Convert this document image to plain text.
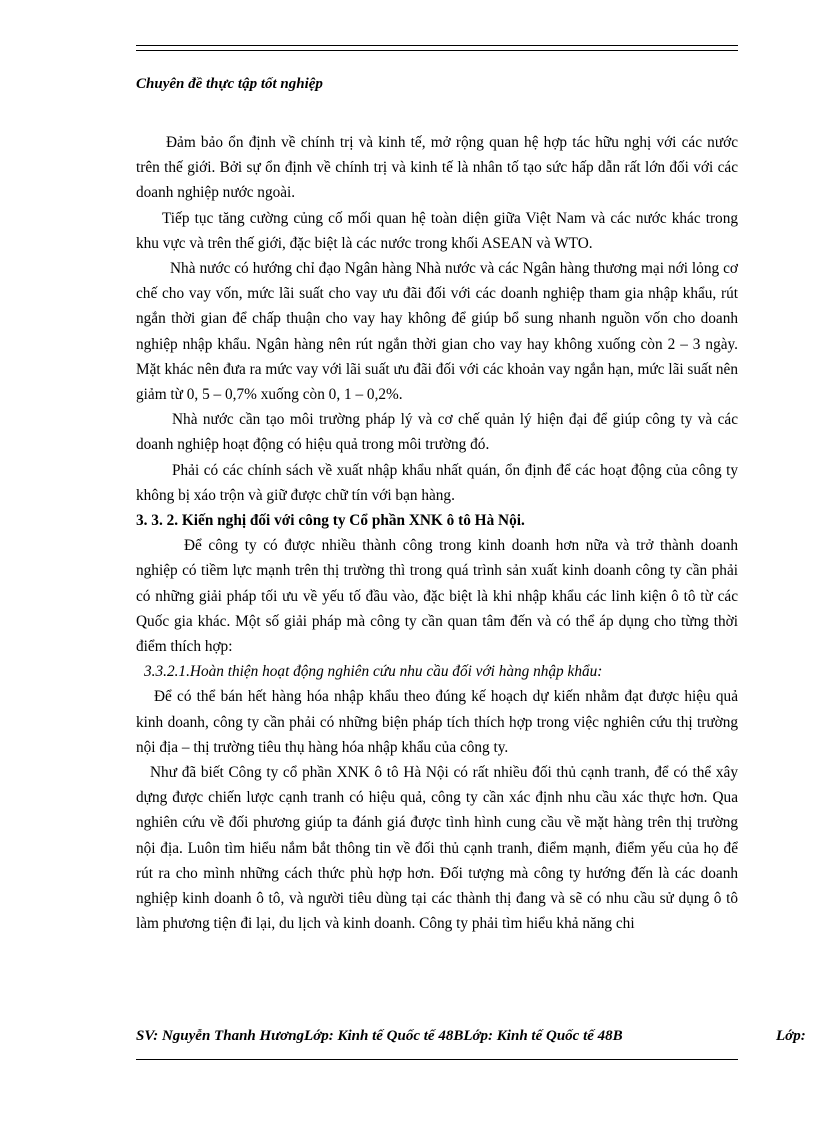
Chuyên đề thực tập tốt nghiệp

Đảm bảo ổn định về chính trị và kinh tế, mở rộng quan hệ hợp tác hữu nghị với các nước trên thế giới. Bởi sự ổn định về chính trị và kinh tế là nhân tố tạo sức hấp dẫn rất lớn đối với các doanh nghiệp nước ngoài.

Tiếp tục tăng cường củng cố mối quan hệ toàn diện giữa Việt Nam và các nước khác trong khu vực và trên thế giới, đặc biệt là các nước trong khối ASEAN và WTO.

Nhà nước có hướng chỉ đạo Ngân hàng Nhà nước và các Ngân hàng thương mại nới lỏng cơ chế cho vay vốn, mức lãi suất cho vay ưu đãi đối với các doanh nghiệp tham gia nhập khẩu, rút ngắn thời gian để chấp thuận cho vay hay không để giúp bổ sung nhanh nguồn vốn cho doanh nghiệp nhập khẩu. Ngân hàng nên rút ngắn thời gian cho vay hay không xuống còn 2 – 3 ngày. Mặt khác nên đưa ra mức vay với lãi suất ưu đãi đối với các khoản vay ngắn hạn, mức lãi suất nên giảm từ 0, 5 – 0,7% xuống còn 0, 1 – 0,2%.

Nhà nước cần tạo môi trường pháp lý và cơ chế quản lý hiện đại để giúp công ty và các doanh nghiệp hoạt động có hiệu quả trong môi trường đó.

Phải có các chính sách về xuất nhập khẩu nhất quán, ổn định để các hoạt động của công ty không bị xáo trộn và giữ được chữ tín với bạn hàng.

3. 3. 2. Kiến nghị đối với công ty Cổ phần XNK ô tô Hà Nội.

Để công ty có được nhiều thành công trong kinh doanh hơn nữa và trở thành doanh nghiệp có tiềm lực mạnh trên thị trường thì trong quá trình sản xuất kinh doanh công ty cần phải có những giải pháp tối ưu về yếu tố đầu vào, đặc biệt là khi nhập khẩu các linh kiện ô tô từ các Quốc gia khác. Một số giải pháp mà công ty cần quan tâm đến và có thể áp dụng cho từng thời điểm thích hợp:

3.3.2.1.Hoàn thiện hoạt động nghiên cứu nhu cầu đối với hàng nhập khẩu:

Để có thể bán hết hàng hóa nhập khẩu theo đúng kế hoạch dự kiến nhằm đạt được hiệu quả kinh doanh, công ty cần phải có những biện pháp tích thích hợp trong việc nghiên cứu thị trường nội địa – thị trường tiêu thụ hàng hóa nhập khẩu của công ty.

Như đã biết Công ty cổ phần XNK ô tô Hà Nội có rất nhiều đối thủ cạnh tranh, để có thể xây dựng được chiến lược cạnh tranh có hiệu quả, công ty cần xác định nhu cầu xác thực hơn. Qua nghiên cứu về đối phương giúp ta đánh giá được tình hình cung cầu về mặt hàng trên thị trường nội địa. Luôn tìm hiểu nắm bắt thông tin về đối thủ cạnh tranh, điểm mạnh, điểm yếu của họ để rút ra cho mình những cách thức phù hợp hơn. Đối tượng mà công ty hướng đến là các doanh nghiệp kinh doanh ô tô, và người tiêu dùng tại các thành thị đang và sẽ có nhu cầu sử dụng ô tô làm phương tiện đi lại, du lịch và kinh doanh. Công ty phải tìm hiểu khả năng chi

SV: Nguyễn Thanh HươngLớp: Kinh tế Quốc tế 48BLớp: Kinh tế Quốc tế 48B	Lớp:
